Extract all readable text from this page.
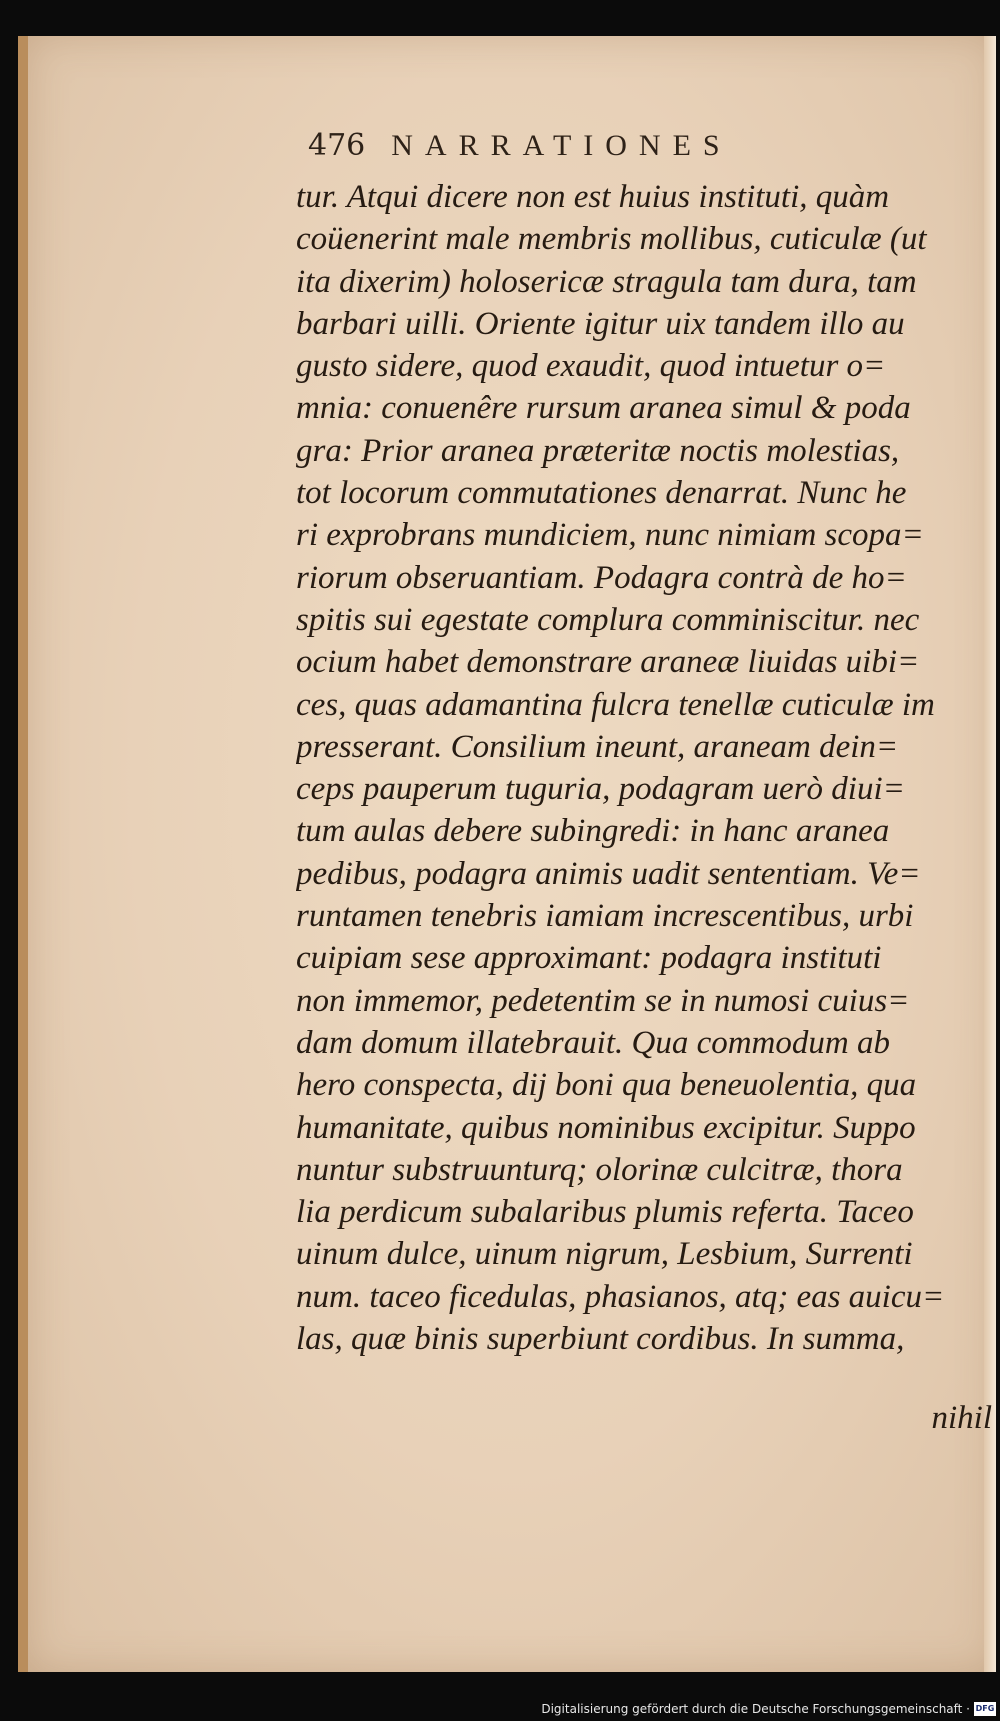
476 NARRATIONES
tur. Atqui dicere non est huius instituti, quàm
coüenerint male membris mollibus, cuticulæ (ut
ita dixerim) holosericæ stragula tam dura, tam
barbari uilli. Oriente igitur uix tandem illo au
gusto sidere, quod exaudit, quod intuetur o=
mnia: conuenêre rursum aranea simul & poda
gra: Prior aranea præteritæ noctis molestias,
tot locorum commutationes denarrat. Nunc he
ri exprobrans mundiciem, nunc nimiam scopa=
riorum obseruantiam. Podagra contrà de ho=
spitis sui egestate complura comminiscitur. nec
ocium habet demonstrare araneæ liuidas uibi=
ces, quas adamantina fulcra tenellæ cuticulæ im
presserant. Consilium ineunt, araneam dein=
ceps pauperum tuguria, podagram uerò diui=
tum aulas debere subingredi: in hanc aranea
pedibus, podagra animis uadit sententiam. Ve=
runtamen tenebris iamiam increscentibus, urbi
cuipiam sese approximant: podagra instituti
non immemor, pedetentim se in numosi cuius=
dam domum illatebrauit. Qua commodum ab
hero conspecta, dij boni qua beneuolentia, qua
humanitate, quibus nominibus excipitur. Suppo
nuntur substruunturq; olorinæ culcitræ, thora
lia perdicum subalaribus plumis referta. Taceo
uinum dulce, uinum nigrum, Lesbium, Surrenti
num. taceo ficedulas, phasianos, atq; eas auicu=
las, quæ binis superbiunt cordibus. In summa,

nihil

Digitalisierung gefördert durch die Deutsche Forschungsgemeinschaft · DFG
